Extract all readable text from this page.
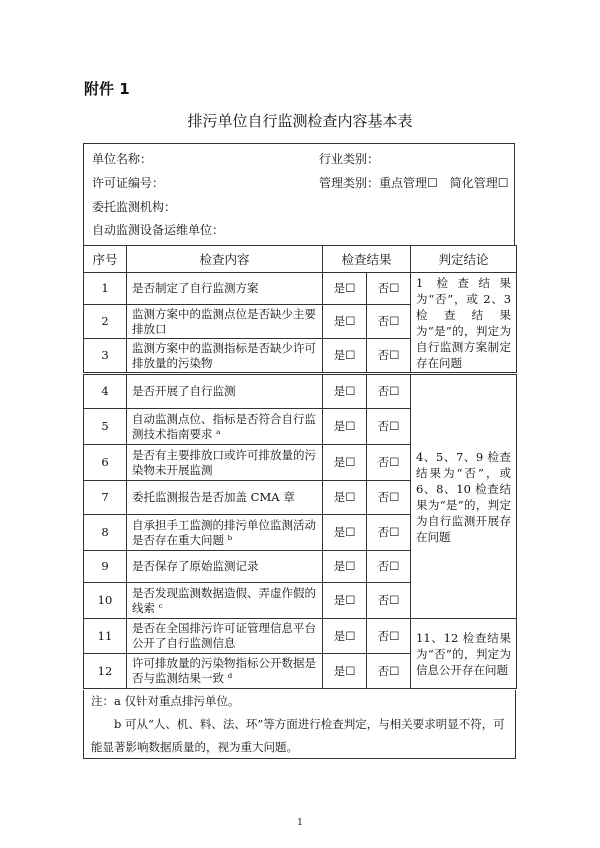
附件 1
排污单位自行监测检查内容基本表
单位名称：	行业类别：
许可证编号：	管理类别：重点管理☐　简化管理☐
委托监测机构：
自动监测设备运维单位：
序号	检查内容	检查结果		判定结论
1	是否制定了自行监测方案	是☐	否☐	1 检查结果为“否”，或 2、3 检查结果为“是”的，判定为自行监测方案制定存在问题
2	监测方案中的监测点位是否缺少主要排放口	是☐	否☐	
3	监测方案中的监测指标是否缺少许可排放量的污染物	是☐	否☐	
4	是否开展了自行监测	是☐	否☐	4、5、7、9 检查结果为“否”，或 6、8、10 检查结果为“是”的，判定为自行监测开展存在问题
5	自动监测点位、指标是否符合自行监测技术指南要求 ᵃ	是☐	否☐	
6	是否有主要排放口或许可排放量的污染物未开展监测	是☐	否☐	
7	委托监测报告是否加盖 CMA 章	是☐	否☐	
8	自承担手工监测的排污单位监测活动是否存在重大问题 ᵇ	是☐	否☐	
9	是否保存了原始监测记录	是☐	否☐	
10	是否发现监测数据造假、弄虚作假的线索 ᶜ	是☐	否☐	
11	是否在全国排污许可证管理信息平台公开了自行监测信息	是☐	否☐	11、12 检查结果为“否”的，判定为信息公开存在问题
12	许可排放量的污染物指标公开数据是否与监测结果一致 ᵈ	是☐	否☐	
注：a 仅针对重点排污单位。
　　b 可从“人、机、料、法、环”等方面进行检查判定，与相关要求明显不符，可能显著影响数据质量的，视为重大问题。
1
